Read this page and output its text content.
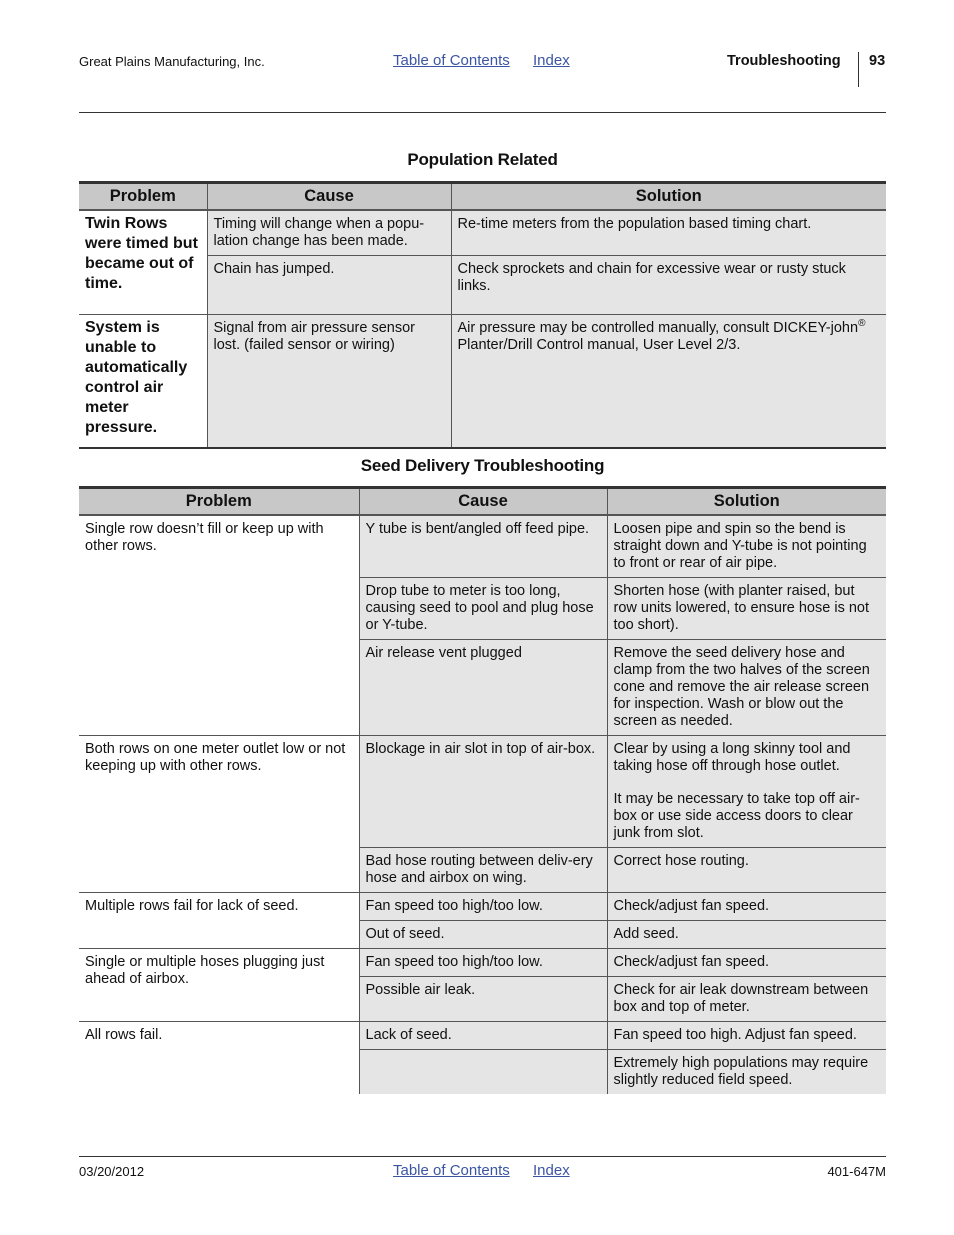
Great Plains Manufacturing, Inc.	Table of Contents Index	Troubleshooting 93
Population Related
Problem	Cause	Solution
Twin Rows were timed but became out of time.	Timing will change when a popu-lation change has been made.	Re-time meters from the population based timing chart.
	Chain has jumped.	Check sprockets and chain for excessive wear or rusty stuck links.
System is unable to automatically control air meter pressure.	Signal from air pressure sensor lost. (failed sensor or wiring)	Air pressure may be controlled manually, consult DICKEY-john® Planter/Drill Control manual, User Level 2/3.
Seed Delivery Troubleshooting
Problem	Cause	Solution
Single row doesn’t fill or keep up with other rows.	Y tube is bent/angled off feed pipe.	Loosen pipe and spin so the bend is straight down and Y-tube is not pointing to front or rear of air pipe.
	Drop tube to meter is too long, causing seed to pool and plug hose or Y-tube.	Shorten hose (with planter raised, but row units lowered, to ensure hose is not too short).
	Air release vent plugged	Remove the seed delivery hose and clamp from the two halves of the screen cone and remove the air release screen for inspection. Wash or blow out the screen as needed.
Both rows on one meter outlet low or not keeping up with other rows.	Blockage in air slot in top of air-box.	Clear by using a long skinny tool and taking hose off through hose outlet.
It may be necessary to take top off air-box or use side access doors to clear junk from slot.

	Bad hose routing between deliv-ery hose and airbox on wing.	Correct hose routing.
Multiple rows fail for lack of seed.	Fan speed too high/too low.	Check/adjust fan speed.
	Out of seed.	Add seed.
Single or multiple hoses plugging just ahead of airbox.	Fan speed too high/too low.	Check/adjust fan speed.
	Possible air leak.	Check for air leak downstream between box and top of meter.
All rows fail.	Lack of seed.	Fan speed too high. Adjust fan speed.
		Extremely high populations may require slightly reduced field speed.
03/20/2012	Table of Contents Index	401-647M
